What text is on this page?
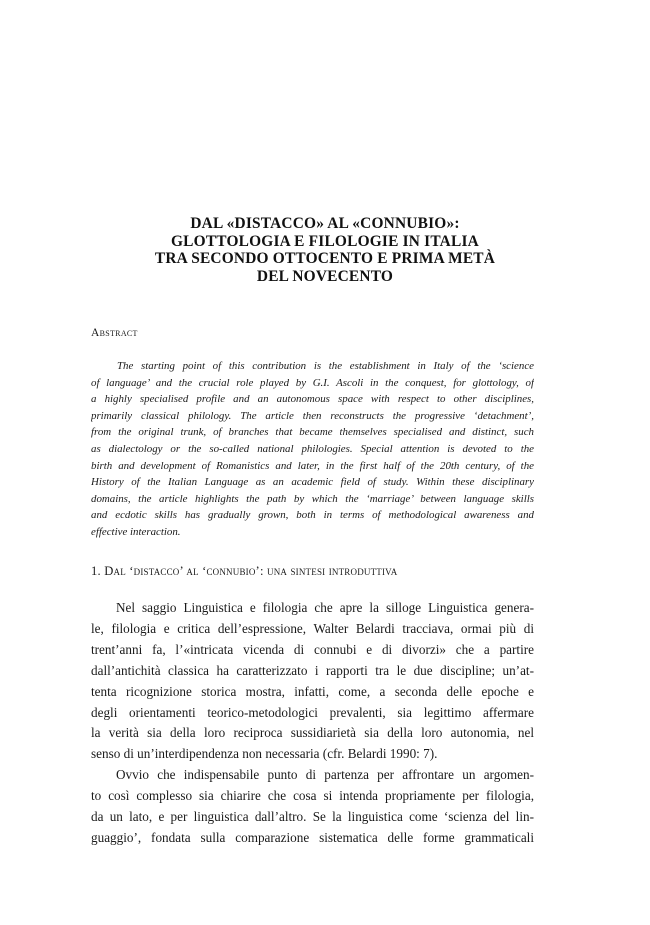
DAL «DISTACCO» AL «CONNUBIO»:
GLOTTOLOGIA E FILOLOGIE IN ITALIA
TRA SECONDO OTTOCENTO E PRIMA METÀ
DEL NOVECENTO
Abstract
The starting point of this contribution is the establishment in Italy of the ‘science
of language’ and the crucial role played by G.I. Ascoli in the conquest, for glottology, of
a highly specialised profile and an autonomous space with respect to other disciplines,
primarily classical philology. The article then reconstructs the progressive ‘detachment’,
from the original trunk, of branches that became themselves specialised and distinct, such
as dialectology or the so-called national philologies. Special attention is devoted to the
birth and development of Romanistics and later, in the first half of the 20th century, of the
History of the Italian Language as an academic field of study. Within these disciplinary
domains, the article highlights the path by which the ‘marriage’ between language skills
and ecdotic skills has gradually grown, both in terms of methodological awareness and
effective interaction.
1. Dal ‘distacco’ al ‘connubio’: una sintesi introduttiva
Nel saggio Linguistica e filologia che apre la silloge Linguistica genera-
le, filologia e critica dell’espressione, Walter Belardi tracciava, ormai più di
trent’anni fa, l’«intricata vicenda di connubi e di divorzi» che a partire
dall’antichità classica ha caratterizzato i rapporti tra le due discipline; un’at-
tenta ricognizione storica mostra, infatti, come, a seconda delle epoche e
degli orientamenti teorico-metodologici prevalenti, sia legittimo affermare
la verità sia della loro reciproca sussidiarietà sia della loro autonomia, nel
senso di un’interdipendenza non necessaria (cfr. Belardi 1990: 7).
Ovvio che indispensabile punto di partenza per affrontare un argomen-
to così complesso sia chiarire che cosa si intenda propriamente per filologia,
da un lato, e per linguistica dall’altro. Se la linguistica come ‘scienza del lin-
guaggio’, fondata sulla comparazione sistematica delle forme grammaticali
